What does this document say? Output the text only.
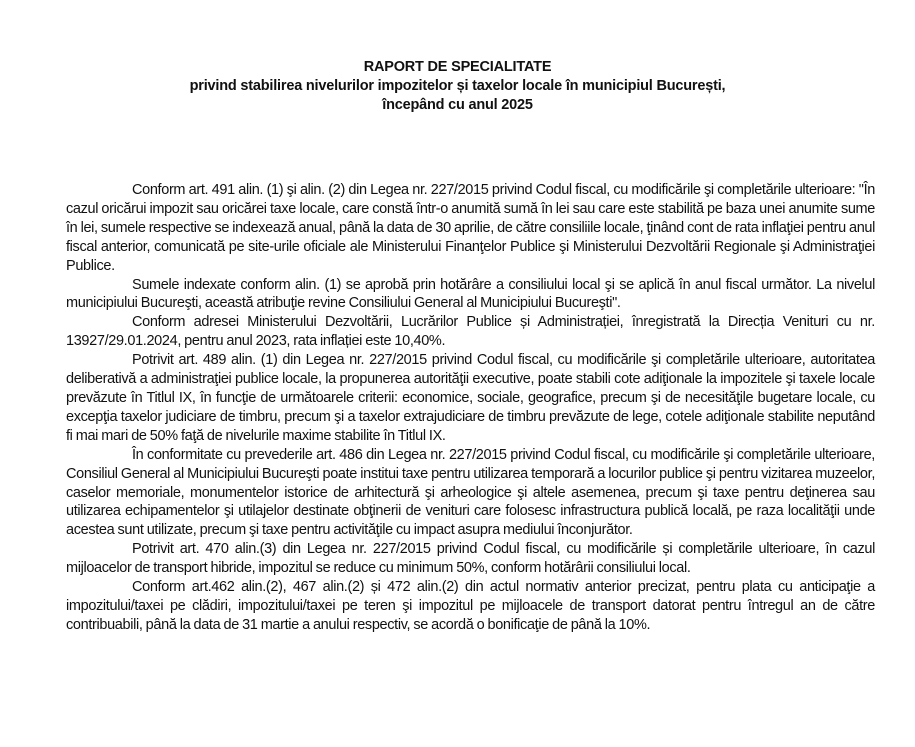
RAPORT DE SPECIALITATE
privind stabilirea nivelurilor impozitelor și taxelor locale în municipiul București,
începând cu anul 2025

Conform art. 491 alin. (1) şi alin. (2) din Legea nr. 227/2015 privind Codul fiscal, cu modificările şi completările ulterioare: "În cazul oricărui impozit sau oricărei taxe locale, care constă într-o anumită sumă în lei sau care este stabilită pe baza unei anumite sume în lei, sumele respective se indexează anual, până la data de 30 aprilie, de către consiliile locale, ţinând cont de rata inflaţiei pentru anul fiscal anterior, comunicată pe site-urile oficiale ale Ministerului Finanţelor Publice şi Ministerului Dezvoltării Regionale şi Administraţiei Publice.

Sumele indexate conform alin. (1) se aprobă prin hotărâre a consiliului local şi se aplică în anul fiscal următor. La nivelul municipiului Bucureşti, această atribuţie revine Consiliului General al Municipiului Bucureşti".

Conform adresei Ministerului Dezvoltării, Lucrărilor Publice și Administrației, înregistrată la Direcția Venituri cu nr. 13927/29.01.2024, pentru anul 2023, rata inflației este 10,40%.

Potrivit art. 489 alin. (1) din Legea nr. 227/2015 privind Codul fiscal, cu modificările şi completările ulterioare, autoritatea deliberativă a administraţiei publice locale, la propunerea autorităţii executive, poate stabili cote adiţionale la impozitele şi taxele locale prevăzute în Titlul IX, în funcţie de următoarele criterii: economice, sociale, geografice, precum şi de necesităţile bugetare locale, cu excepţia taxelor judiciare de timbru, precum şi a taxelor extrajudiciare de timbru prevăzute de lege, cotele adiţionale stabilite neputând fi mai mari de 50% faţă de nivelurile maxime stabilite în Titlul IX.

În conformitate cu prevederile art. 486 din Legea nr. 227/2015 privind Codul fiscal, cu modificările şi completările ulterioare, Consiliul General al Municipiului Bucureşti poate institui taxe pentru utilizarea temporară a locurilor publice şi pentru vizitarea muzeelor, caselor memoriale, monumentelor istorice de arhitectură şi arheologice şi altele asemenea, precum şi taxe pentru deţinerea sau utilizarea echipamentelor şi utilajelor destinate obţinerii de venituri care folosesc infrastructura publică locală, pe raza localităţii unde acestea sunt utilizate, precum şi taxe pentru activităţile cu impact asupra mediului înconjurător.

Potrivit art. 470 alin.(3) din Legea nr. 227/2015 privind Codul fiscal, cu modificările și completările ulterioare, în cazul mijloacelor de transport hibride, impozitul se reduce cu minimum 50%, conform hotărârii consiliului local.

Conform art.462 alin.(2), 467 alin.(2) și 472 alin.(2) din actul normativ anterior precizat, pentru plata cu anticipaţie a impozitului/taxei pe clădiri, impozitului/taxei pe teren şi impozitul pe mijloacele de transport datorat pentru întregul an de către contribuabili, până la data de 31 martie a anului respectiv, se acordă o bonificaţie de până la 10%.
